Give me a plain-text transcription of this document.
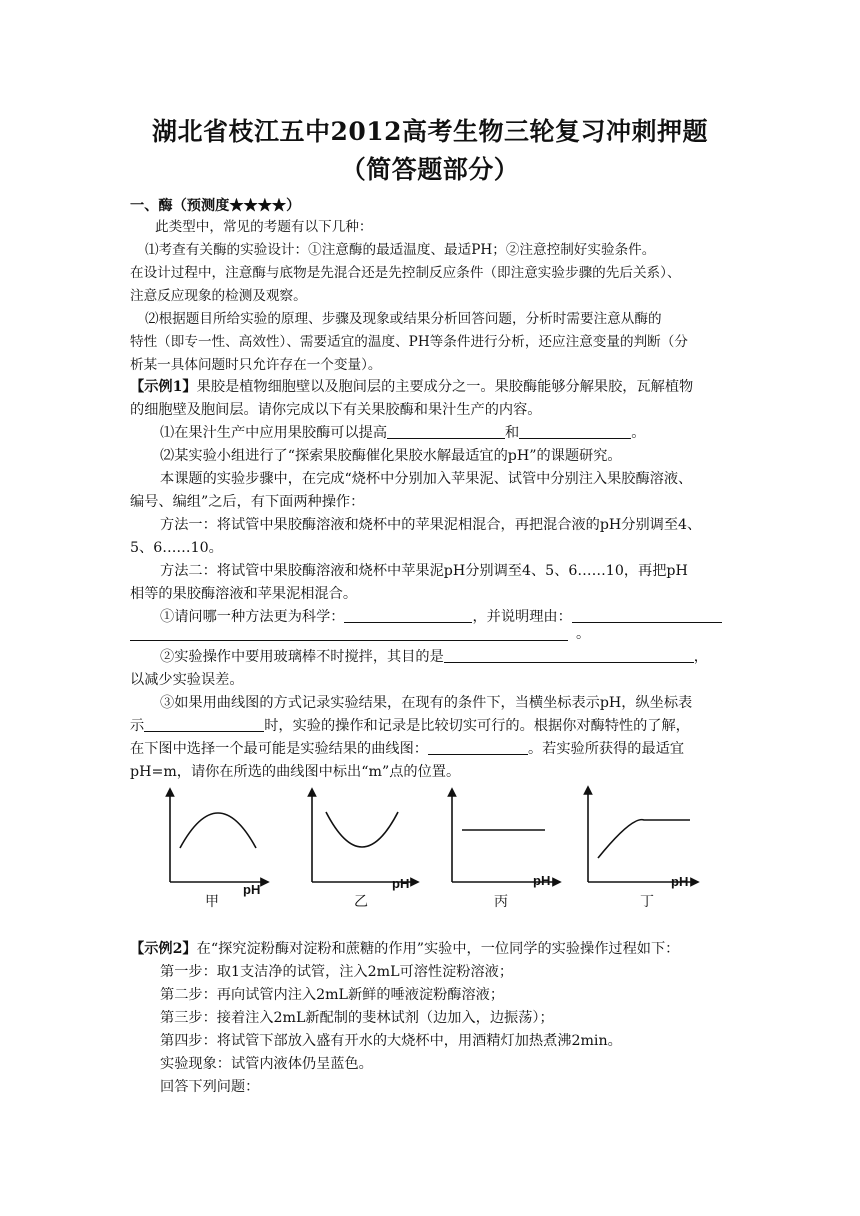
湖北省枝江五中2012高考生物三轮复习冲刺押题
（简答题部分）
一、酶（预测度★★★★）
此类型中，常见的考题有以下几种：
⑴考查有关酶的实验设计：①注意酶的最适温度、最适PH；②注意控制好实验条件。
在设计过程中，注意酶与底物是先混合还是先控制反应条件（即注意实验步骤的先后关系）、
注意反应现象的检测及观察。
⑵根据题目所给实验的原理、步骤及现象或结果分析回答问题，分析时需要注意从酶的
特性（即专一性、高效性）、需要适宜的温度、PH等条件进行分析，还应注意变量的判断（分
析某一具体问题时只允许存在一个变量）。
【示例1】果胶是植物细胞壁以及胞间层的主要成分之一。果胶酶能够分解果胶，瓦解植物
的细胞壁及胞间层。请你完成以下有关果胶酶和果汁生产的内容。
⑴在果汁生产中应用果胶酶可以提高	和	。
⑵某实验小组进行了“探索果胶酶催化果胶水解最适宜的pH”的课题研究。
本课题的实验步骤中，在完成“烧杯中分别加入苹果泥、试管中分别注入果胶酶溶液、
编号、编组”之后，有下面两种操作：
方法一：将试管中果胶酶溶液和烧杯中的苹果泥相混合，再把混合液的pH分别调至4、
5、6……10。
方法二：将试管中果胶酶溶液和烧杯中苹果泥pH分别调至4、5、6……10，再把pH
相等的果胶酶溶液和苹果泥相混合。
①请问哪一种方法更为科学：	，并说明理由：
。
②实验操作中要用玻璃棒不时搅拌，其目的是	，
以减少实验误差。
③如果用曲线图的方式记录实验结果，在现有的条件下，当横坐标表示pH，纵坐标表
示	时，实验的操作和记录是比较切实可行的。根据你对酶特性的了解，
在下图中选择一个最可能是实验结果的曲线图：	。若实验所获得的最适宜
pH=m，请你在所选的曲线图中标出“m”点的位置。
pH
甲
pH
乙
pH
丙
pH
丁
【示例2】在“探究淀粉酶对淀粉和蔗糖的作用”实验中，一位同学的实验操作过程如下：
第一步：取1支洁净的试管，注入2mL可溶性淀粉溶液；
第二步：再向试管内注入2mL新鲜的唾液淀粉酶溶液；
第三步：接着注入2mL新配制的斐林试剂（边加入，边振荡）；
第四步：将试管下部放入盛有开水的大烧杯中，用酒精灯加热煮沸2min。
实验现象：试管内液体仍呈蓝色。
回答下列问题：
